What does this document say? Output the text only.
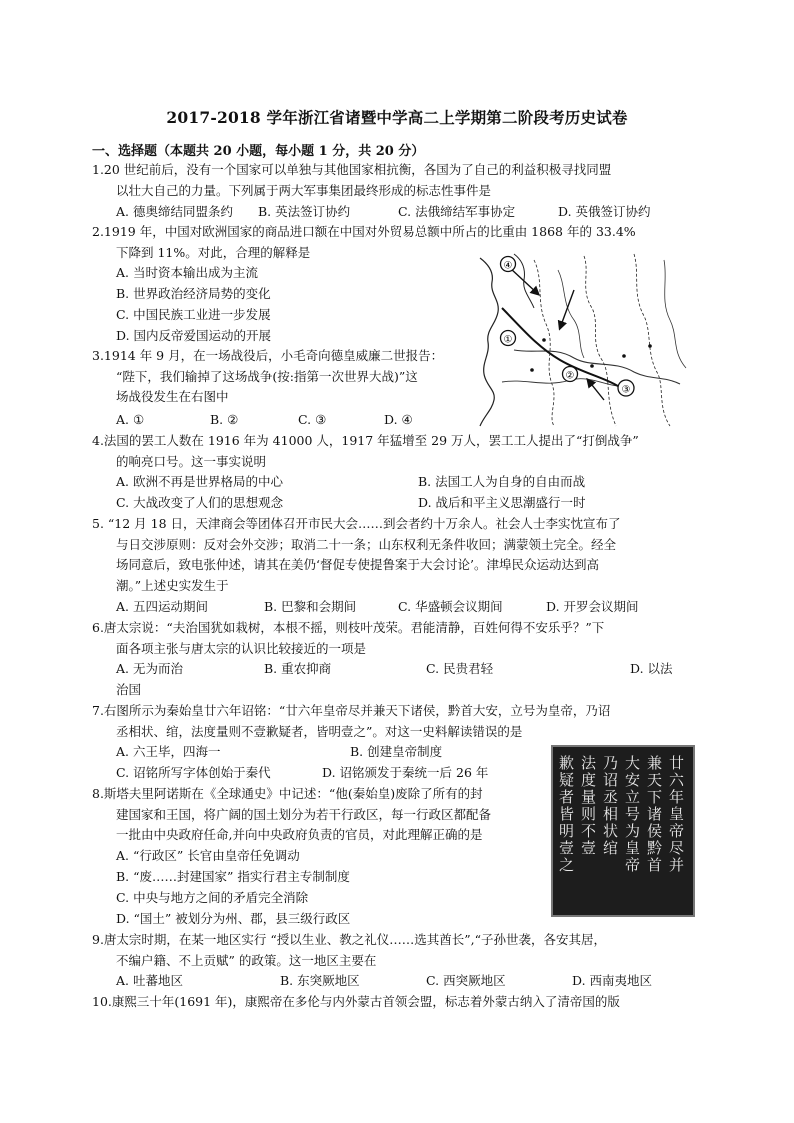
2017-2018 学年浙江省诸暨中学高二上学期第二阶段考历史试卷
一、选择题（本题共 20 小题，每小题 1 分，共 20 分）
1.20 世纪前后，没有一个国家可以单独与其他国家相抗衡，各国为了自己的利益积极寻找同盟
以壮大自己的力量。下列属于两大军事集团最终形成的标志性事件是
A. 德奥缔结同盟条约 B. 英法签订协约	C. 法俄缔结军事协定	D. 英俄签订协约
2.1919 年，中国对欧洲国家的商品进口额在中国对外贸易总额中所占的比重由 1868 年的 33.4%
下降到 11%。对此，合理的解释是
A. 当时资本输出成为主流
B. 世界政治经济局势的变化
C. 中国民族工业进一步发展
D. 国内反帝爱国运动的开展
④
①
②
③
3.1914 年 9 月，在一场战役后，小毛奇向德皇威廉二世报告：
“陛下，我们输掉了这场战争(按:指第一次世界大战)”这
场战役发生在右图中
A. ①	B. ②	C. ③	D. ④
4.法国的罢工人数在 1916 年为 41000 人，1917 年猛增至 29 万人，罢工工人提出了“打倒战争”
的响亮口号。这一事实说明
A. 欧洲不再是世界格局的中心	B. 法国工人为自身的自由而战
C. 大战改变了人们的思想观念	D. 战后和平主义思潮盛行一时
5. “12 月 18 日，天津商会等团体召开市民大会……到会者约十万余人。社会人士李实忱宣布了
与日交涉原则：反对会外交涉；取消二十一条；山东权利无条件收回；满蒙领土完全。经全
场同意后，致电张仲述，请其在美仍‘督促专使提鲁案于大会讨论’。津埠民众运动达到高
潮。”上述史实发生于
A. 五四运动期间	B. 巴黎和会期间	C. 华盛顿会议期间	D. 开罗会议期间
6.唐太宗说：“夫治国犹如栽树，本根不摇，则枝叶茂荣。君能清静，百姓何得不安乐乎？”下
面各项主张与唐太宗的认识比较接近的一项是
A. 无为而治	B. 重农抑商	C. 民贵君轻	D. 以法
治国
7.右图所示为秦始皇廿六年诏铭：“廿六年皇帝尽并兼天下诸侯，黔首大安，立号为皇帝，乃诏
丞相状、绾，法度量则不壹歉疑者，皆明壹之”。对这一史料解读错误的是
A. 六王毕，四海一	B. 创建皇帝制度
C. 诏铭所写字体创始于秦代	D. 诏铭颁发于秦统一后 26 年	廿六年皇帝尽并
兼天下诸侯黔首
大安立号为皇帝
乃诏丞相状绾
法度量则不壹
歉疑者皆明壹之
8.斯塔夫里阿诺斯在《全球通史》中记述：“他(秦始皇)废除了所有的封
建国家和王国，将广阔的国土划分为若干行政区，每一行政区都配备
一批由中央政府任命,并向中央政府负责的官员，对此理解正确的是
A. “行政区” 长官由皇帝任免调动
B. “废……封建国家” 指实行君主专制制度
C. 中央与地方之间的矛盾完全消除
D. “国土” 被划分为州、郡，县三级行政区
9.唐太宗时期，在某一地区实行 “授以生业、教之礼仪……选其酋长”,“子孙世袭，各安其居，
不编户籍、不上贡赋” 的政策。这一地区主要在
A. 吐蕃地区	B. 东突厥地区	C. 西突厥地区	D. 西南夷地区
10.康熙三十年(1691 年)，康熙帝在多伦与内外蒙古首领会盟，标志着外蒙古纳入了清帝国的版
